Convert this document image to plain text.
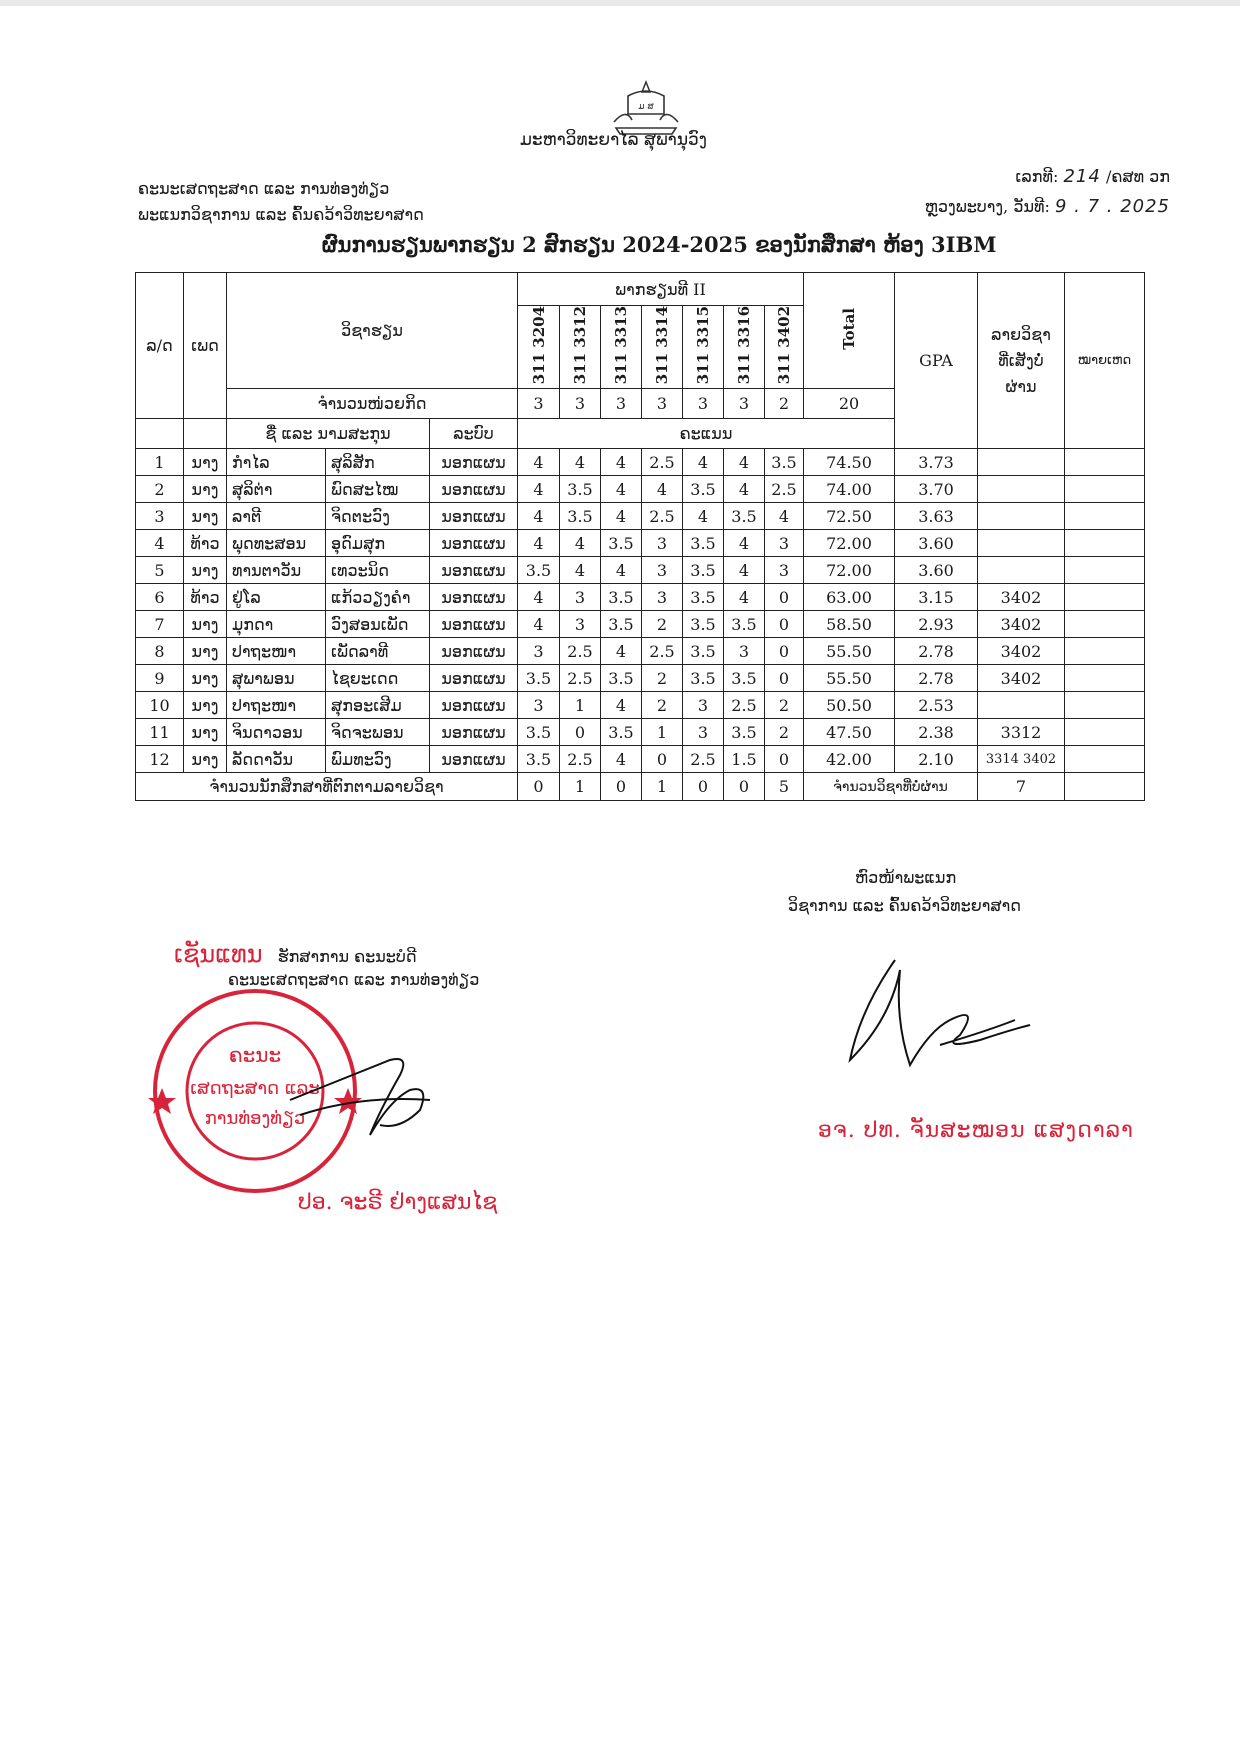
ມ ສ
ມະຫາວິທະຍາໄລ ສຸພານຸວົງ
ຄະນະເສດຖະສາດ ແລະ ການທ່ອງທ່ຽວ
ພະແນກວິຊາການ ແລະ ຄົ້ນຄວ້າວິທະຍາສາດ
ເລກທີ: 214 /ຄສທ ວກ
ຫຼວງພະບາງ, ວັນທີ: 9 . 7 . 2025
ຜົນການຮຽນພາກຮຽນ 2 ສົກຮຽນ 2024-2025 ຂອງນັກສຶກສາ ຫ້ອງ 3IBM
ລ/ດ	ເພດ	ວິຊາຮຽນ			ພາກຮຽນທີ II							Total	GPA	ລາຍວິຊາທີ່ເສັງບໍ່ຜ່ານ	ໝາຍເຫດ
					311 3204	311 3312	311 3313	311 3314	311 3315	311 3316	311 3402				
		ຈຳນວນໜ່ວຍກິດ			3	3	3	3	3	3	2	20			
		ຊື່ ແລະ ນາມສະກຸນ		ລະບົບ	ຄະແນນ										
1	ນາງ	ກຳໄລ	ສຸລິສັກ	ນອກແຜນ	4	4	4	2.5	4	4	3.5	74.50	3.73		
2	ນາງ	ສຸລິຕ່າ	ພົດສະໄໝ	ນອກແຜນ	4	3.5	4	4	3.5	4	2.5	74.00	3.70		
3	ນາງ	ລາຕີ	ຈິດຕະວົງ	ນອກແຜນ	4	3.5	4	2.5	4	3.5	4	72.50	3.63		
4	ທ້າວ	ພຸດທະສອນ	ອຸດົມສຸກ	ນອກແຜນ	4	4	3.5	3	3.5	4	3	72.00	3.60		
5	ນາງ	ທານຕາວັນ	ເທວະນິດ	ນອກແຜນ	3.5	4	4	3	3.5	4	3	72.00	3.60		
6	ທ້າວ	ຢູ່ໂລ	ແກ້ວວຽງຄຳ	ນອກແຜນ	4	3	3.5	3	3.5	4	0	63.00	3.15	3402	
7	ນາງ	ມຸກດາ	ວົງສອນເພັດ	ນອກແຜນ	4	3	3.5	2	3.5	3.5	0	58.50	2.93	3402	
8	ນາງ	ປາຖະໜາ	ເພັດລາທີ	ນອກແຜນ	3	2.5	4	2.5	3.5	3	0	55.50	2.78	3402	
9	ນາງ	ສຸພາພອນ	ໄຊຍະເດດ	ນອກແຜນ	3.5	2.5	3.5	2	3.5	3.5	0	55.50	2.78	3402	
10	ນາງ	ປາຖະໜາ	ສຸກອະເສີມ	ນອກແຜນ	3	1	4	2	3	2.5	2	50.50	2.53		
11	ນາງ	ຈິນດາວອນ	ຈິດຈະພອນ	ນອກແຜນ	3.5	0	3.5	1	3	3.5	2	47.50	2.38	3312	
12	ນາງ	ລັດດາວັນ	ພົມທະວົງ	ນອກແຜນ	3.5	2.5	4	0	2.5	1.5	0	42.00	2.10	3314 3402	
ຈຳນວນນັກສຶກສາທີ່ຕົກຕາມລາຍວິຊາ					0	1	0	1	0	0	5	ຈຳນວນວິຊາທີ່ບໍ່ຜ່ານ		7	
ຫົວໜ້າພະແນກ
ວິຊາການ ແລະ ຄົ້ນຄວ້າວິທະຍາສາດ
ເຊັນແທນ ຮັກສາການ ຄະນະບໍດີ
ຄະນະເສດຖະສາດ ແລະ ການທ່ອງທ່ຽວ
ຄະນະ
ເສດຖະສາດ ແລະ
ການທ່ອງທ່ຽວ
ປອ. ຈະຣີ ຢ່າງແສນໄຊ
ອຈ. ປທ. ຈັນສະໝອນ ແສງດາລາ
